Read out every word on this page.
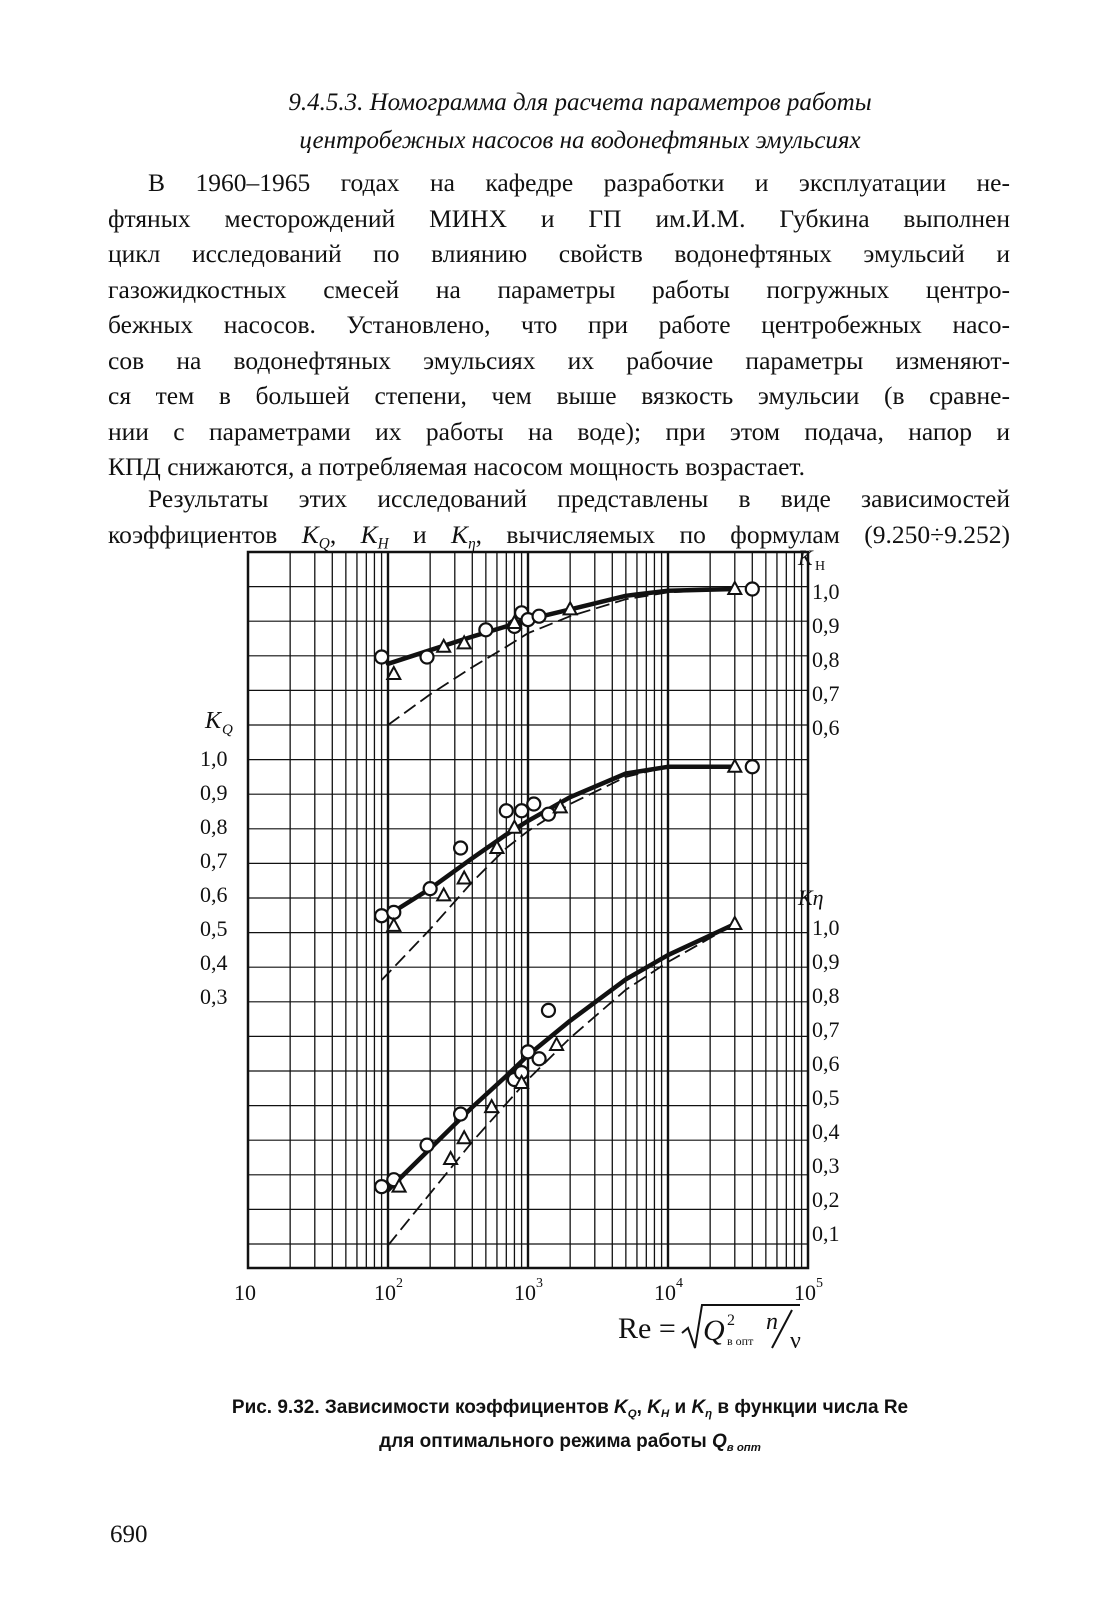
9.4.5.3. Номограмма для расчета параметров работы
центробежных насосов на водонефтяных эмульсиях
В 1960–1965 годах на кафедре разработки и эксплуатации не-
фтяных месторождений МИНХ и ГП им.И.М. Губкина выполнен
цикл исследований по влиянию свойств водонефтяных эмульсий и
газожидкостных смесей на параметры работы погружных центро-
бежных насосов. Установлено, что при работе центробежных насо-
сов на водонефтяных эмульсиях их рабочие параметры изменяют-
ся тем в большей степени, чем выше вязкость эмульсии (в сравне-
нии с параметрами их работы на воде); при этом подача, напор и
КПД снижаются, а потребляемая насосом мощность возрастает.
Результаты этих исследований представлены в виде зависимостей
коэффициентов $K_Q$, $K_H$ и $K_\eta$, вычисляемых по формулам (9.250÷9.252)
K Q
1,0
0,9
0,8
0,7
0,6
0,5
0,4
0,3
K H
1,0
0,9
0,8
0,7
0,6
Kη
1,0
0,9
0,8
0,7
0,6
0,5
0,4
0,3
0,2
0,1
10	10 2	10 3	10 4	10 5
Re = Q 2
в опт
n
ν
Рис. 9.32. Зависимости коэффициентов $K_Q$, $K_H$ и $K_\eta$ в функции числа Re
для оптимального режима работы $Q_{в опт}$
690
